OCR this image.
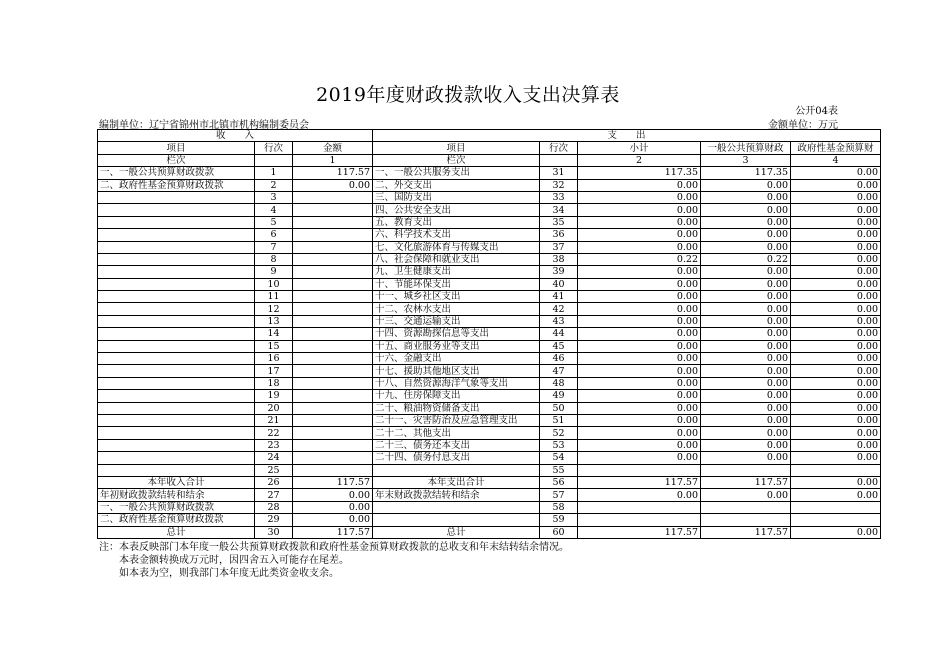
2019年度财政拨款收入支出决算表
公开04表
编制单位：辽宁省锦州市北镇市机构编制委员会	金额单位：万元
收　　入			支　　出				
项目	行次	金额	项目	行次	小计	一般公共预算财政	政府性基金预算财
栏次		1	栏次		2	3	4
一、一般公共预算财政拨款	1	117.57	一、一般公共服务支出	31	117.35	117.35	0.00
二、政府性基金预算财政拨款	2	0.00	二、外交支出	32	0.00	0.00	0.00
	3		三、国防支出	33	0.00	0.00	0.00
	4		四、公共安全支出	34	0.00	0.00	0.00
	5		五、教育支出	35	0.00	0.00	0.00
	6		六、科学技术支出	36	0.00	0.00	0.00
	7		七、文化旅游体育与传媒支出	37	0.00	0.00	0.00
	8		八、社会保障和就业支出	38	0.22	0.22	0.00
	9		九、卫生健康支出	39	0.00	0.00	0.00
	10		十、节能环保支出	40	0.00	0.00	0.00
	11		十一、城乡社区支出	41	0.00	0.00	0.00
	12		十二、农林水支出	42	0.00	0.00	0.00
	13		十三、交通运输支出	43	0.00	0.00	0.00
	14		十四、资源勘探信息等支出	44	0.00	0.00	0.00
	15		十五、商业服务业等支出	45	0.00	0.00	0.00
	16		十六、金融支出	46	0.00	0.00	0.00
	17		十七、援助其他地区支出	47	0.00	0.00	0.00
	18		十八、自然资源海洋气象等支出	48	0.00	0.00	0.00
	19		十九、住房保障支出	49	0.00	0.00	0.00
	20		二十、粮油物资储备支出	50	0.00	0.00	0.00
	21		二十一、灾害防治及应急管理支出	51	0.00	0.00	0.00
	22		二十二、其他支出	52	0.00	0.00	0.00
	23		二十三、债务还本支出	53	0.00	0.00	0.00
	24		二十四、债务付息支出	54	0.00	0.00	0.00
	25			55			
本年收入合计	26	117.57	本年支出合计	56	117.57	117.57	0.00
年初财政拨款结转和结余	27	0.00	年末财政拨款结转和结余	57	0.00	0.00	0.00
一、一般公共预算财政拨款	28	0.00		58			
二、政府性基金预算财政拨款	29	0.00		59			
总计	30	117.57	总计	60	117.57	117.57	0.00
注：本表反映部门本年度一般公共预算财政拨款和政府性基金预算财政拨款的总收支和年末结转结余情况。
本表金额转换成万元时，因四舍五入可能存在尾差。
如本表为空，则我部门本年度无此类资金收支余。
